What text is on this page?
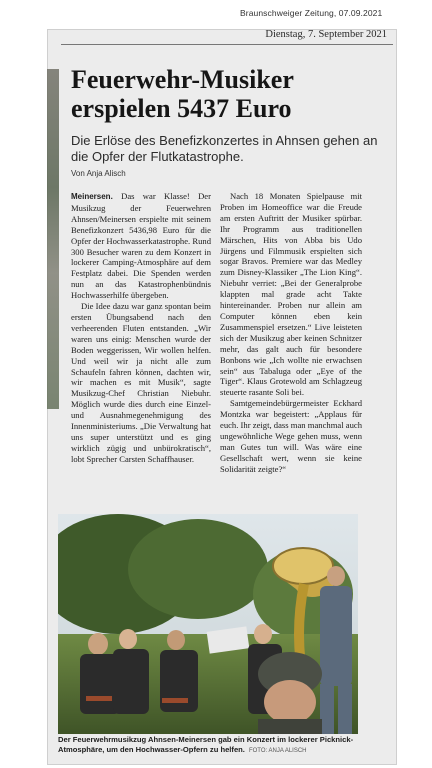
Braunschweiger Zeitung, 07.09.2021
Dienstag, 7. September 2021
Feuerwehr-Musiker
erspielen 5437 Euro

Die Erlöse des Benefizkonzertes in Ahnsen gehen an die Opfer der Flutkatastrophe.

Von Anja Alisch

Meinersen. Das war Klasse! Der Musikzug der Feuerwehren Ahnsen/Meinersen erspielte mit seinem Benefizkonzert 5436,98 Euro für die Opfer der Hochwasserkatastrophe. Rund 300 Besucher waren zu dem Konzert in lockerer Camping-Atmosphäre auf dem Festplatz dabei. Die Spenden werden nun an das Katastrophenbündnis Hochwasserhilfe übergeben.

Die Idee dazu war ganz spontan beim ersten Übungsabend nach den verheerenden Fluten entstanden. „Wir waren uns einig: Menschen wurde der Boden weggerissen, Wir wollen helfen. Und weil wir ja nicht alle zum Schaufeln fahren können, dachten wir, wir machen es mit Musik“, sagte Musikzug-Chef Christian Niebuhr. Möglich wurde dies durch eine Einzel- und Ausnahmegenehmigung des Innenministeriums. „Die Verwaltung hat uns super unterstützt und es ging wirklich zügig und unbürokratisch“, lobt Sprecher Carsten Schaffhauser.

Nach 18 Monaten Spielpause mit Proben im Homeoffice war die Freude am ersten Auftritt der Musiker spürbar. Ihr Programm aus traditionellen Märschen, Hits von Abba bis Udo Jürgens und Filmmusik erspielten sich sogar Bravos. Premiere war das Medley zum Disney-Klassiker „The Lion King“. Niebuhr verriet: „Bei der Generalprobe klappten mal grade acht Takte hintereinander. Proben nur allein am Computer können eben kein Zusammenspiel ersetzen.“ Live leisteten sich der Musikzug aber keinen Schnitzer mehr, das galt auch für besondere Bonbons wie „Ich wollte nie erwachsen sein“ aus Tabaluga oder „Eye of the Tiger“. Klaus Grotewold am Schlagzeug steuerte rasante Soli bei.

Samtgemeindebürgermeister Eckhard Montzka war begeistert: „Applaus für euch. Ihr zeigt, dass man manchmal auch ungewöhnliche Wege gehen muss, wenn man Gutes tun will. Was wäre eine Gesellschaft wert, wenn sie keine Solidarität zeigte?“

Der Feuerwehrmusikzug Ahnsen-Meinersen gab ein Konzert im lockerer Picknick-Atmosphäre, um den Hochwasser-Opfern zu helfen. FOTO: ANJA ALISCH
